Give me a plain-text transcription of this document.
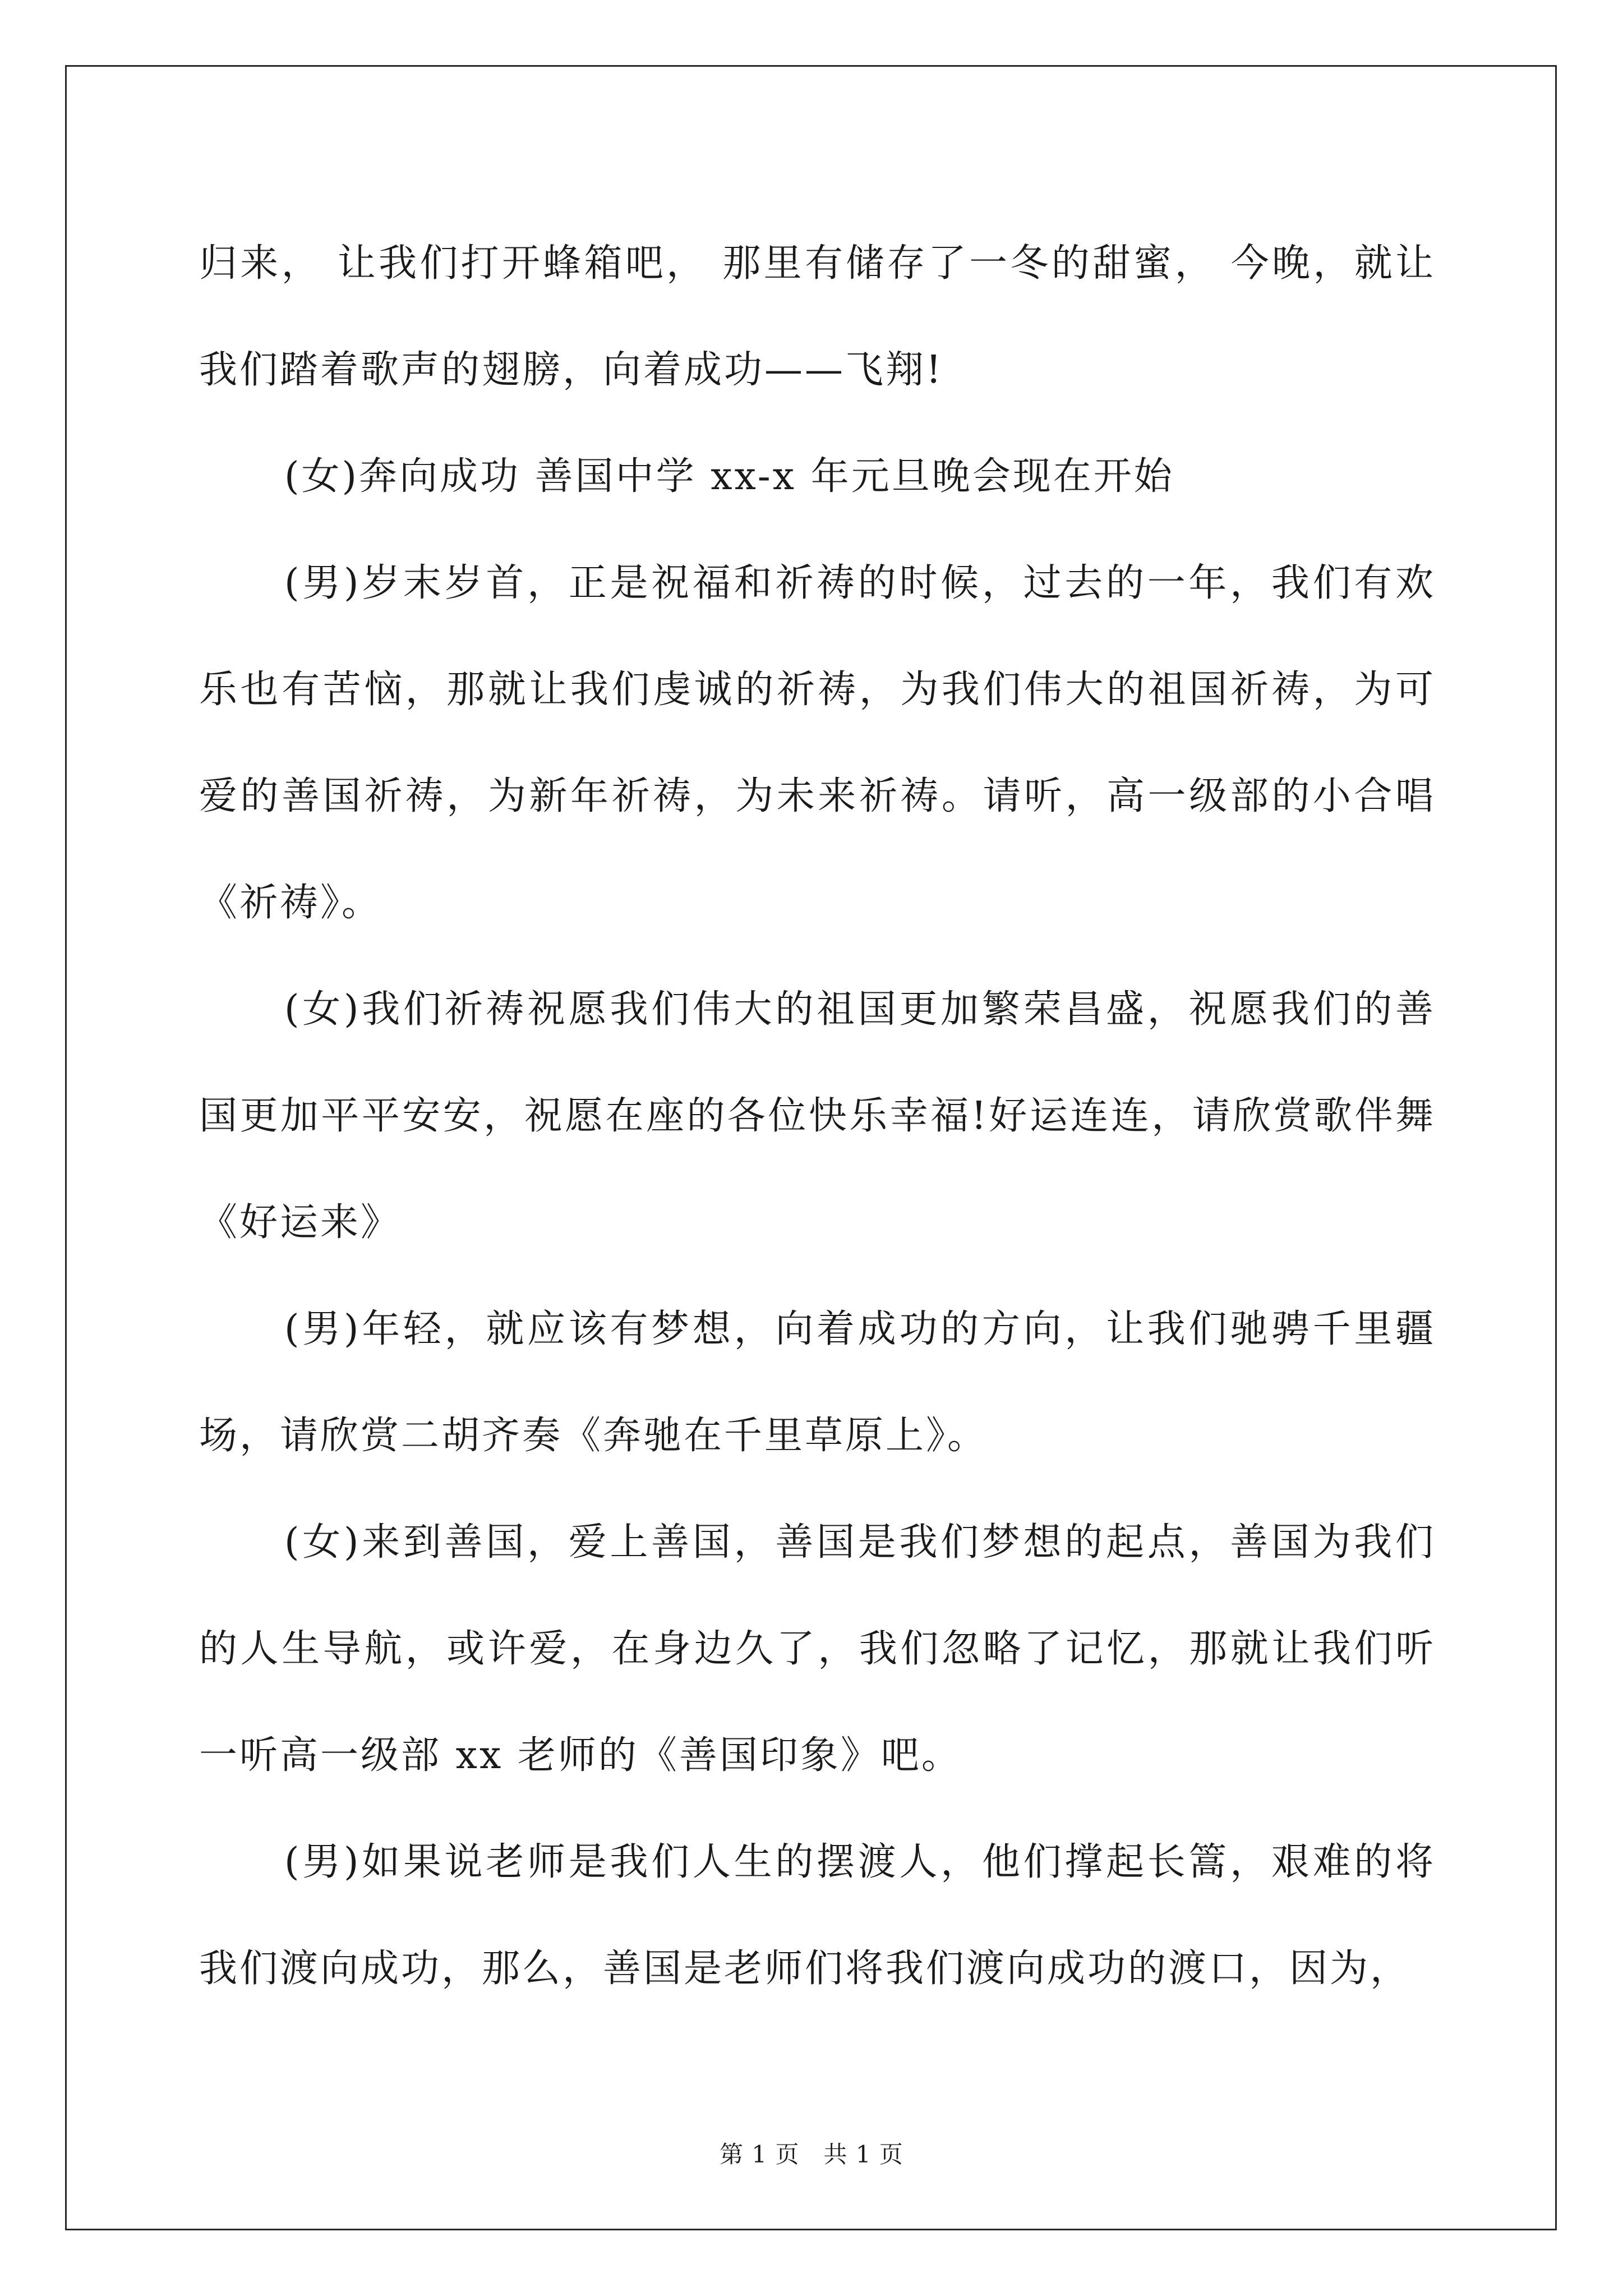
归来， 让我们打开蜂箱吧， 那里有储存了一冬的甜蜜， 今晚，就让我们踏着歌声的翅膀，向着成功——飞翔!

(女)奔向成功 善国中学 xx-x 年元旦晚会现在开始

(男)岁末岁首，正是祝福和祈祷的时候，过去的一年，我们有欢乐也有苦恼，那就让我们虔诚的祈祷，为我们伟大的祖国祈祷，为可爱的善国祈祷，为新年祈祷，为未来祈祷。请听，高一级部的小合唱《祈祷》。

(女)我们祈祷祝愿我们伟大的祖国更加繁荣昌盛，祝愿我们的善国更加平平安安，祝愿在座的各位快乐幸福!好运连连，请欣赏歌伴舞《好运来》

(男)年轻，就应该有梦想，向着成功的方向，让我们驰骋千里疆场，请欣赏二胡齐奏《奔驰在千里草原上》。

(女)来到善国，爱上善国，善国是我们梦想的起点，善国为我们的人生导航，或许爱，在身边久了，我们忽略了记忆，那就让我们听一听高一级部 xx 老师的《善国印象》吧。

(男)如果说老师是我们人生的摆渡人，他们撑起长篙，艰难的将我们渡向成功，那么，善国是老师们将我们渡向成功的渡口，因为，

第 1 页　共 1 页
